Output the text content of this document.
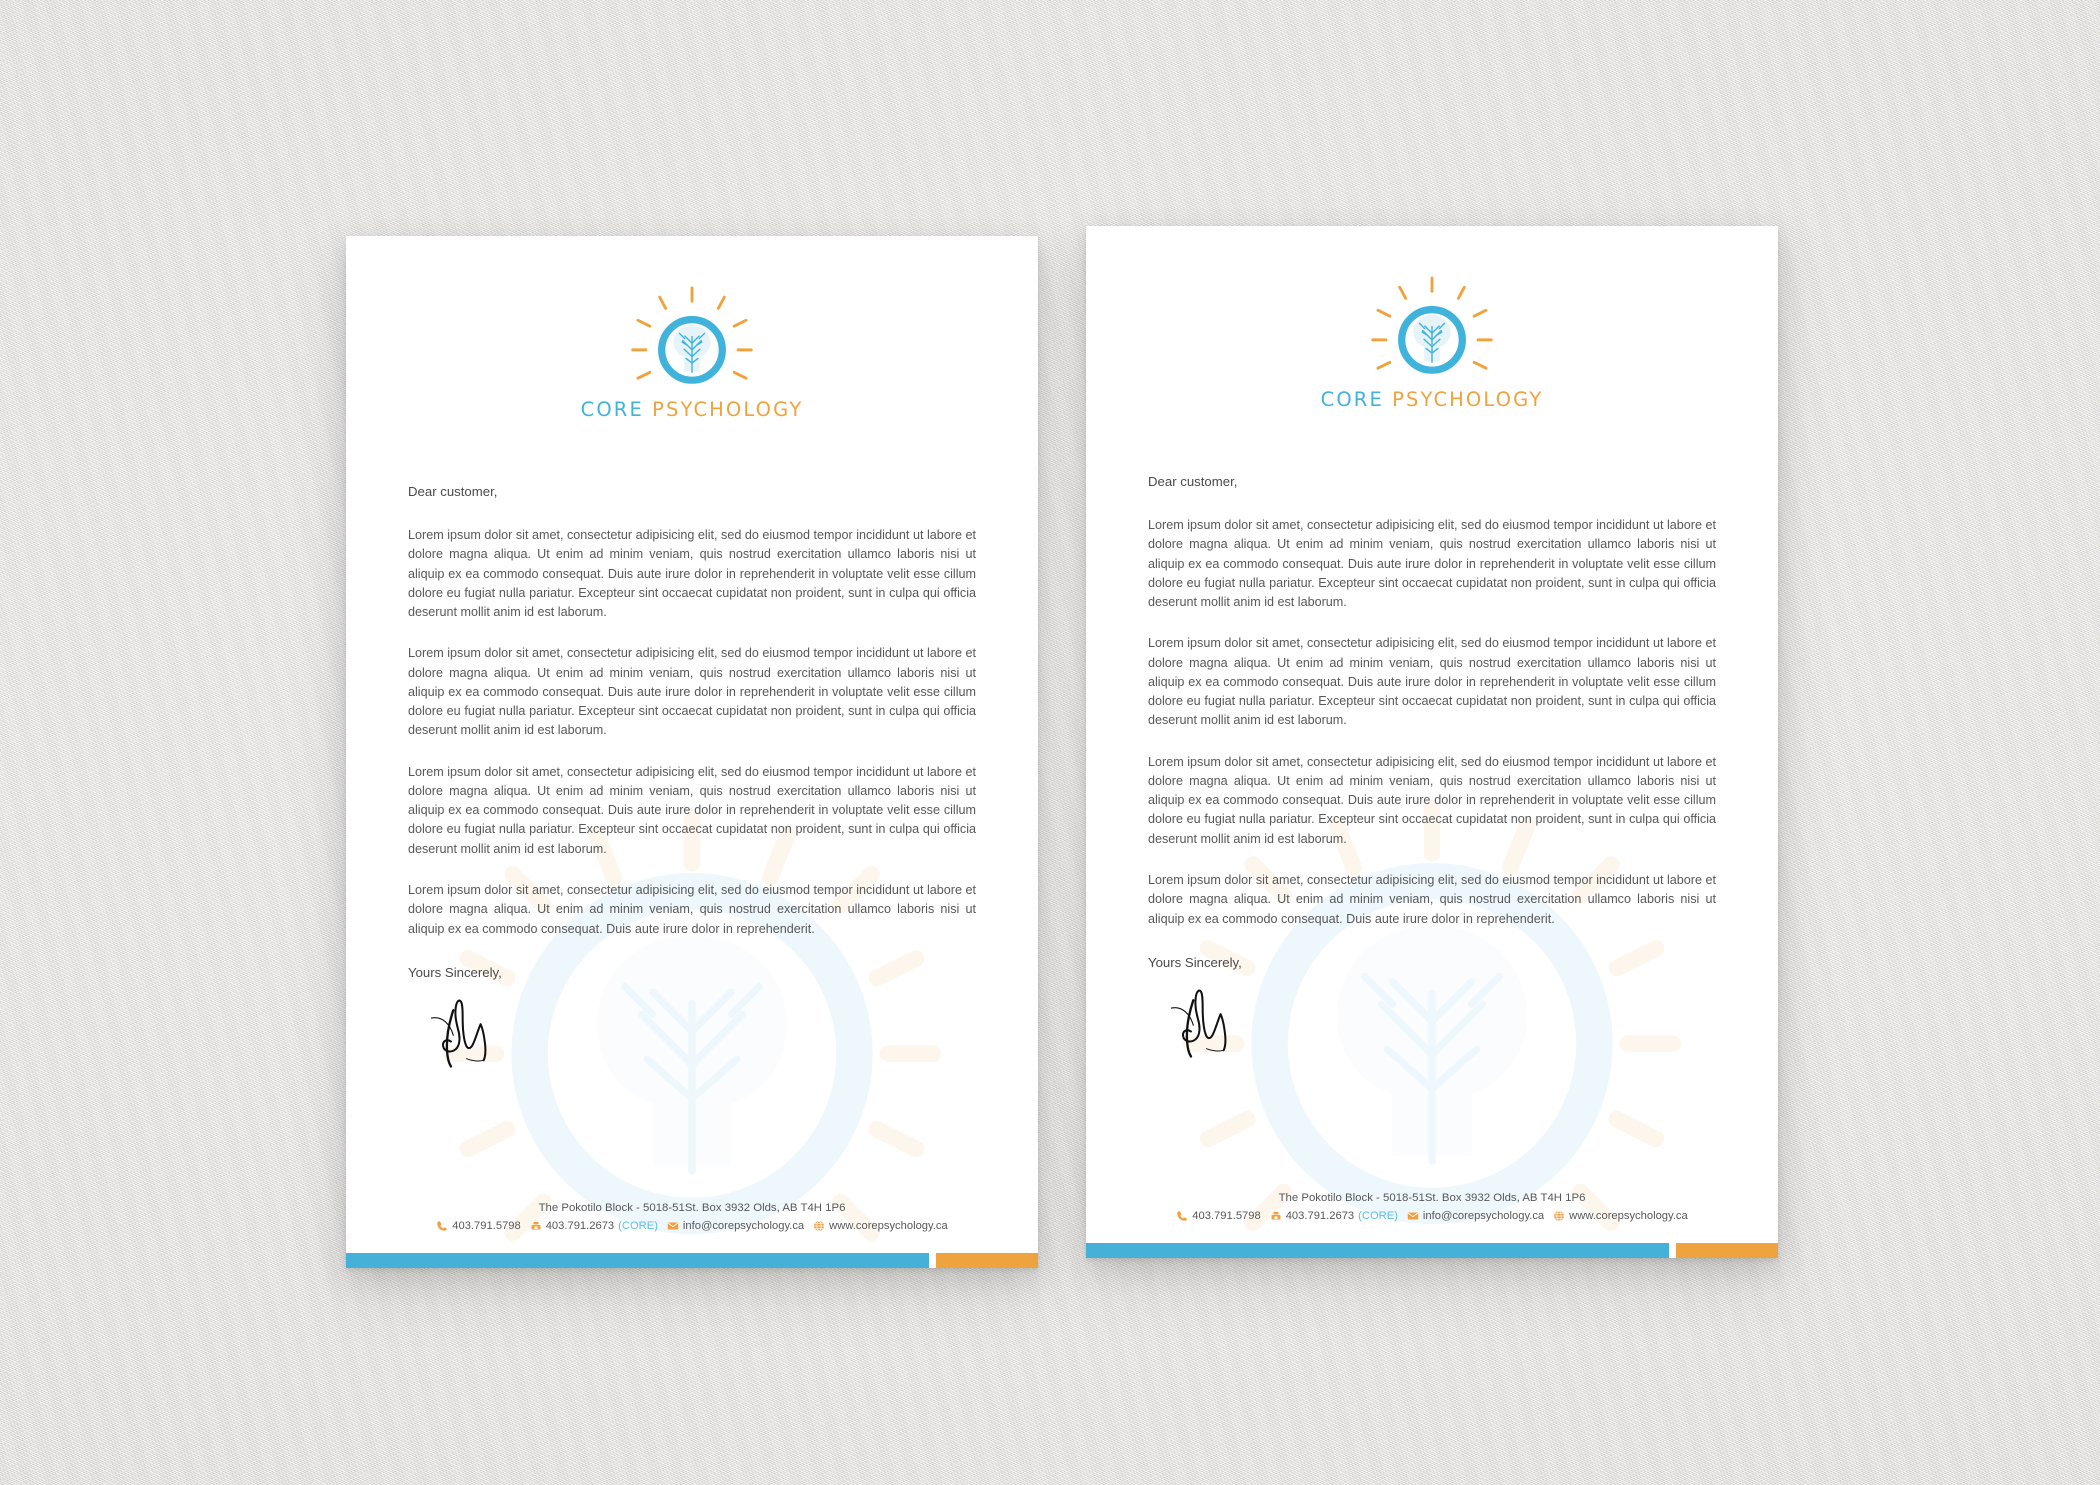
CORE PSYCHOLOGY
Dear customer,

Lorem ipsum dolor sit amet, consectetur adipisicing elit, sed do eiusmod tempor incididunt ut labore et dolore magna aliqua. Ut enim ad minim veniam, quis nostrud exercitation ullamco laboris nisi ut aliquip ex ea commodo consequat. Duis aute irure dolor in reprehenderit in voluptate velit esse cillum dolore eu fugiat nulla pariatur. Excepteur sint occaecat cupidatat non proident, sunt in culpa qui officia deserunt mollit anim id est laborum.

Lorem ipsum dolor sit amet, consectetur adipisicing elit, sed do eiusmod tempor incididunt ut labore et dolore magna aliqua. Ut enim ad minim veniam, quis nostrud exercitation ullamco laboris nisi ut aliquip ex ea commodo consequat. Duis aute irure dolor in reprehenderit in voluptate velit esse cillum dolore eu fugiat nulla pariatur. Excepteur sint occaecat cupidatat non proident, sunt in culpa qui officia deserunt mollit anim id est laborum.

Lorem ipsum dolor sit amet, consectetur adipisicing elit, sed do eiusmod tempor incididunt ut labore et dolore magna aliqua. Ut enim ad minim veniam, quis nostrud exercitation ullamco laboris nisi ut aliquip ex ea commodo consequat. Duis aute irure dolor in reprehenderit in voluptate velit esse cillum dolore eu fugiat nulla pariatur. Excepteur sint occaecat cupidatat non proident, sunt in culpa qui officia deserunt mollit anim id est laborum.

Lorem ipsum dolor sit amet, consectetur adipisicing elit, sed do eiusmod tempor incididunt ut labore et dolore magna aliqua. Ut enim ad minim veniam, quis nostrud exercitation ullamco laboris nisi ut aliquip ex ea commodo consequat. Duis aute irure dolor in reprehenderit.

Yours Sincerely,
The Pokotilo Block - 5018-51St. Box 3932 Olds, AB T4H 1P6
403.791.5798 403.791.2673 (CORE) info@corepsychology.ca www.corepsychology.ca
CORE PSYCHOLOGY
Dear customer,

Lorem ipsum dolor sit amet, consectetur adipisicing elit, sed do eiusmod tempor incididunt ut labore et dolore magna aliqua. Ut enim ad minim veniam, quis nostrud exercitation ullamco laboris nisi ut aliquip ex ea commodo consequat. Duis aute irure dolor in reprehenderit in voluptate velit esse cillum dolore eu fugiat nulla pariatur. Excepteur sint occaecat cupidatat non proident, sunt in culpa qui officia deserunt mollit anim id est laborum.

Lorem ipsum dolor sit amet, consectetur adipisicing elit, sed do eiusmod tempor incididunt ut labore et dolore magna aliqua. Ut enim ad minim veniam, quis nostrud exercitation ullamco laboris nisi ut aliquip ex ea commodo consequat. Duis aute irure dolor in reprehenderit in voluptate velit esse cillum dolore eu fugiat nulla pariatur. Excepteur sint occaecat cupidatat non proident, sunt in culpa qui officia deserunt mollit anim id est laborum.

Lorem ipsum dolor sit amet, consectetur adipisicing elit, sed do eiusmod tempor incididunt ut labore et dolore magna aliqua. Ut enim ad minim veniam, quis nostrud exercitation ullamco laboris nisi ut aliquip ex ea commodo consequat. Duis aute irure dolor in reprehenderit in voluptate velit esse cillum dolore eu fugiat nulla pariatur. Excepteur sint occaecat cupidatat non proident, sunt in culpa qui officia deserunt mollit anim id est laborum.

Lorem ipsum dolor sit amet, consectetur adipisicing elit, sed do eiusmod tempor incididunt ut labore et dolore magna aliqua. Ut enim ad minim veniam, quis nostrud exercitation ullamco laboris nisi ut aliquip ex ea commodo consequat. Duis aute irure dolor in reprehenderit.

Yours Sincerely,
The Pokotilo Block - 5018-51St. Box 3932 Olds, AB T4H 1P6
403.791.5798 403.791.2673 (CORE) info@corepsychology.ca www.corepsychology.ca
